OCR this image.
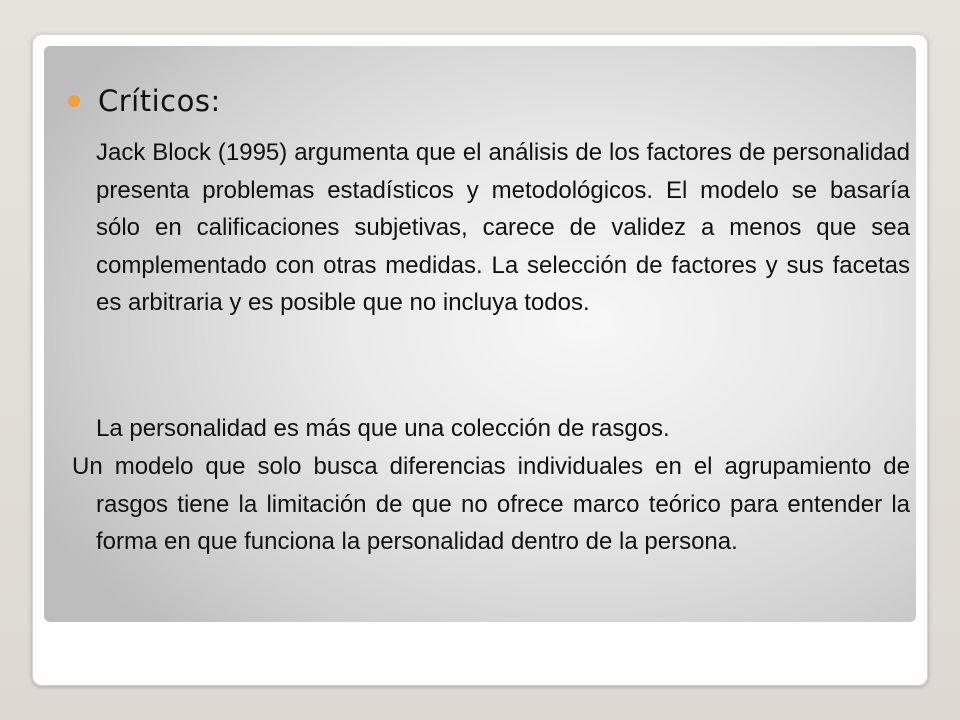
Críticos:
Jack Block (1995) argumenta que el análisis de los factores de personalidad presenta problemas estadísticos y metodológicos. El modelo se basaría sólo en calificaciones subjetivas, carece de validez a menos que sea complementado con otras medidas. La selección de factores y sus facetas es arbitraria y es posible que no incluya todos.
La personalidad es más que una colección de rasgos.
Un modelo que solo busca diferencias individuales en el agrupamiento de rasgos tiene la limitación de que no ofrece marco teórico para entender la forma en que funciona la personalidad dentro de la persona.
